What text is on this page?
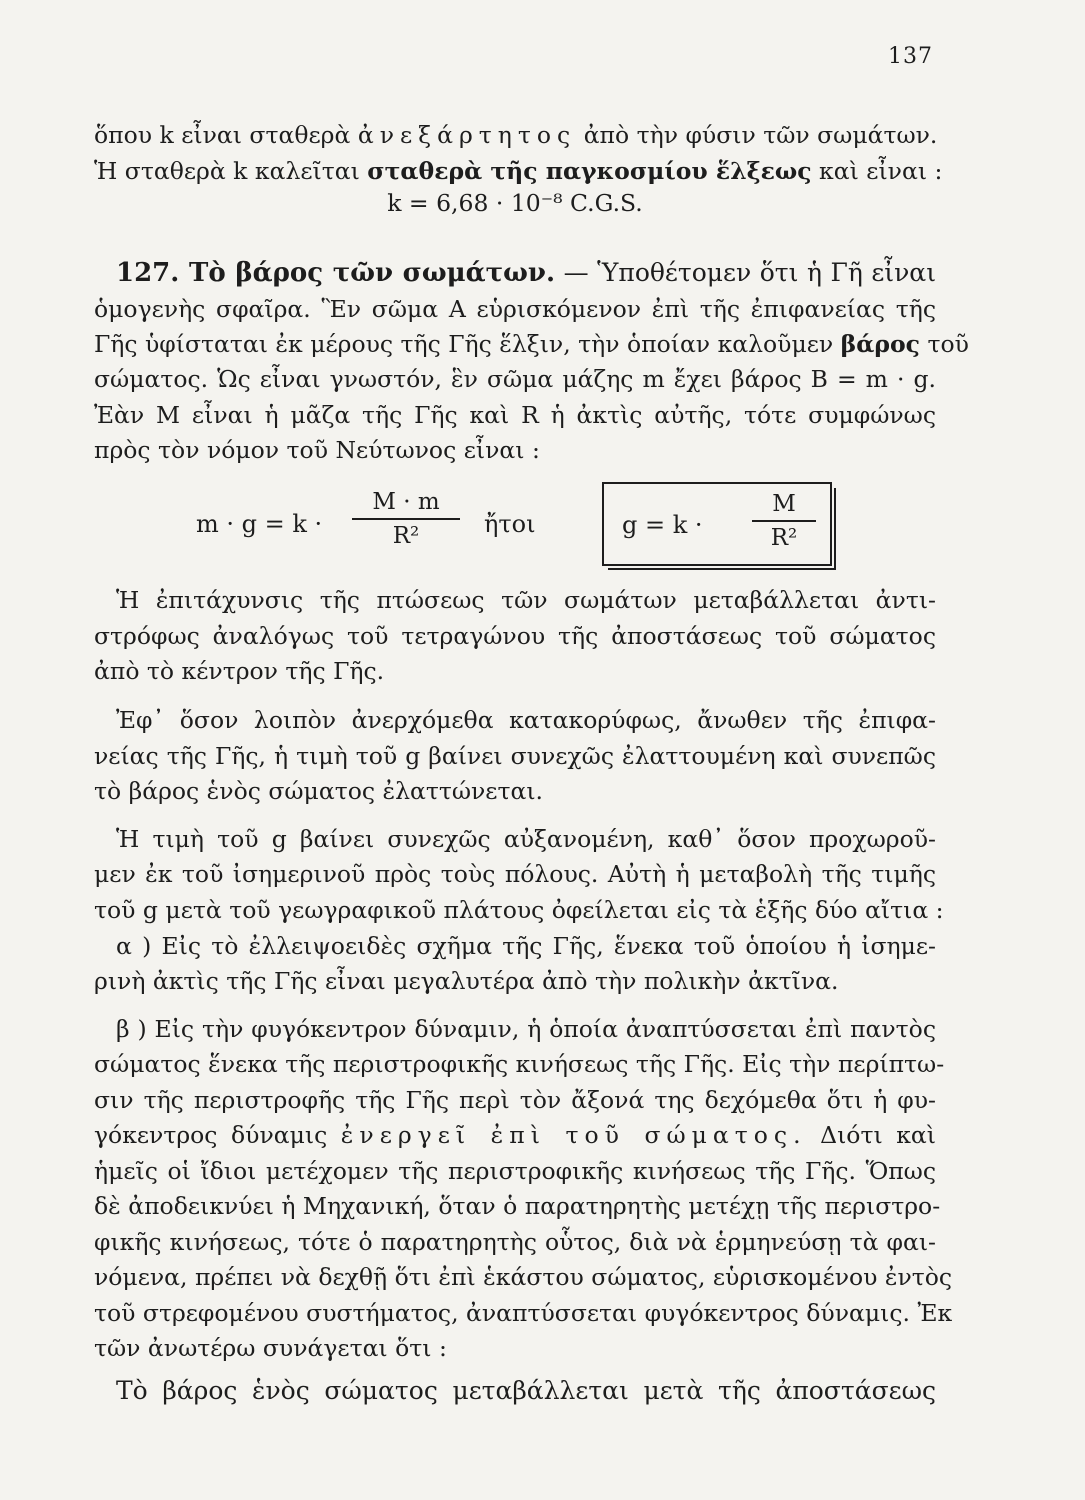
137
ὅπου k εἶναι σταθερὰ ἀνεξάρτητος ἀπὸ τὴν φύσιν τῶν σωμάτων.
Ἡ σταθερὰ k καλεῖται σταθερὰ τῆς παγκοσμίου ἕλξεως καὶ εἶναι :
k = 6,68 · 10⁻⁸ C.G.S.
127. Τὸ βάρος τῶν σωμάτων. — Ὑποθέτομεν ὅτι ἡ Γῆ εἶναι
ὁμογενὴς σφαῖρα. Ἓν σῶμα Α εὑρισκόμενον ἐπὶ τῆς ἐπιφανείας τῆς
Γῆς ὑφίσταται ἐκ μέρους τῆς Γῆς ἕλξιν, τὴν ὁποίαν καλοῦμεν βάρος τοῦ
σώματος. Ὡς εἶναι γνωστόν, ἓν σῶμα μάζης m ἔχει βάρος B = m · g.
Ἐὰν M εἶναι ἡ μᾶζα τῆς Γῆς καὶ R ἡ ἀκτὶς αὐτῆς, τότε συμφώνως
πρὸς τὸν νόμον τοῦ Νεύτωνος εἶναι :
m · g = k ·
M · m
R²	ἤτοι	g = k ·
M
R²
Ἡ ἐπιτάχυνσις τῆς πτώσεως τῶν σωμάτων μεταβάλλεται ἀντι-
στρόφως ἀναλόγως τοῦ τετραγώνου τῆς ἀποστάσεως τοῦ σώματος
ἀπὸ τὸ κέντρον τῆς Γῆς.
Ἐφ᾽ ὅσον λοιπὸν ἀνερχόμεθα κατακορύφως, ἄνωθεν τῆς ἐπιφα-
νείας τῆς Γῆς, ἡ τιμὴ τοῦ g βαίνει συνεχῶς ἐλαττουμένη καὶ συνεπῶς
τὸ βάρος ἑνὸς σώματος ἐλαττώνεται.
Ἡ τιμὴ τοῦ g βαίνει συνεχῶς αὐξανομένη, καθ᾽ ὅσον προχωροῦ-
μεν ἐκ τοῦ ἰσημερινοῦ πρὸς τοὺς πόλους. Αὐτὴ ἡ μεταβολὴ τῆς τιμῆς
τοῦ g μετὰ τοῦ γεωγραφικοῦ πλάτους ὀφείλεται εἰς τὰ ἑξῆς δύο αἴτια :
α ) Εἰς τὸ ἐλλειψοειδὲς σχῆμα τῆς Γῆς, ἕνεκα τοῦ ὁποίου ἡ ἰσημε-
ρινὴ ἀκτὶς τῆς Γῆς εἶναι μεγαλυτέρα ἀπὸ τὴν πολικὴν ἀκτῖνα.
β ) Εἰς τὴν φυγόκεντρον δύναμιν, ἡ ὁποία ἀναπτύσσεται ἐπὶ παντὸς
σώματος ἕνεκα τῆς περιστροφικῆς κινήσεως τῆς Γῆς. Εἰς τὴν περίπτω-
σιν τῆς περιστροφῆς τῆς Γῆς περὶ τὸν ἄξονά της δεχόμεθα ὅτι ἡ φυ-
γόκεντρος δύναμις ἐνεργεῖ ἐπὶ τοῦ σώματος. Διότι καὶ
ἡμεῖς οἱ ἴδιοι μετέχομεν τῆς περιστροφικῆς κινήσεως τῆς Γῆς. Ὅπως
δὲ ἀποδεικνύει ἡ Μηχανική, ὅταν ὁ παρατηρητὴς μετέχῃ τῆς περιστρο-
φικῆς κινήσεως, τότε ὁ παρατηρητὴς οὗτος, διὰ νὰ ἑρμηνεύσῃ τὰ φαι-
νόμενα, πρέπει νὰ δεχθῇ ὅτι ἐπὶ ἑκάστου σώματος, εὑρισκομένου ἐντὸς
τοῦ στρεφομένου συστήματος, ἀναπτύσσεται φυγόκεντρος δύναμις. Ἐκ
τῶν ἀνωτέρω συνάγεται ὅτι :
Τὸ βάρος ἑνὸς σώματος μεταβάλλεται μετὰ τῆς ἀποστάσεως
